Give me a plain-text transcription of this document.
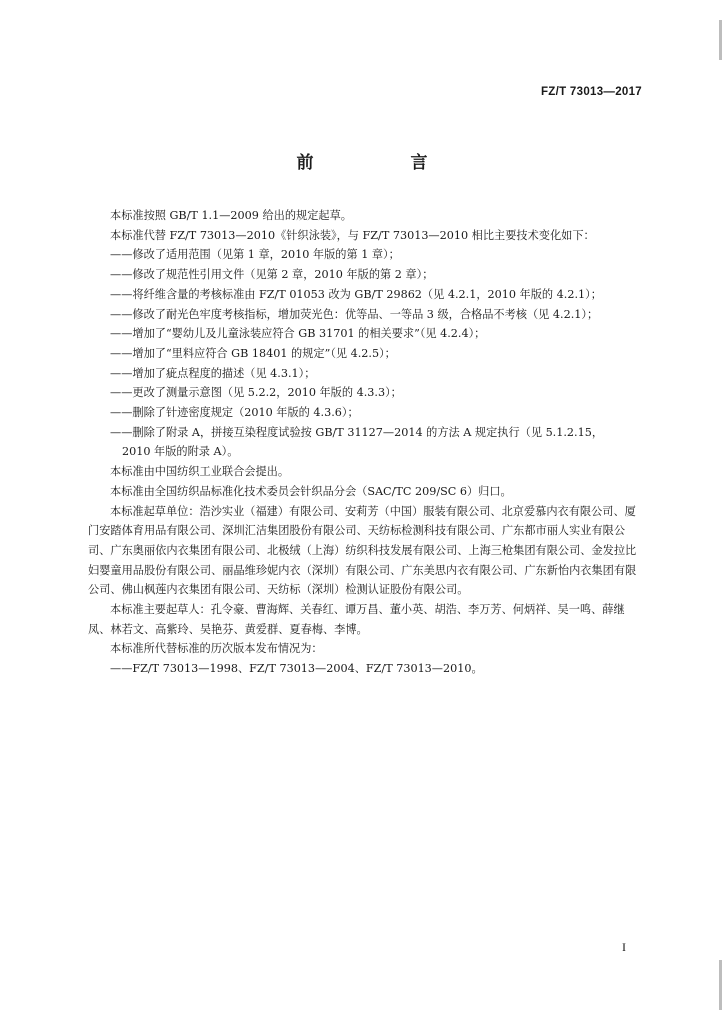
FZ/T 73013—2017
前　言

本标准按照 GB/T 1.1—2009 给出的规定起草。

本标准代替 FZ/T 73013—2010《针织泳装》，与 FZ/T 73013—2010 相比主要技术变化如下：

——修改了适用范围（见第 1 章，2010 年版的第 1 章）；

——修改了规范性引用文件（见第 2 章，2010 年版的第 2 章）；

——将纤维含量的考核标准由 FZ/T 01053 改为 GB/T 29862（见 4.2.1，2010 年版的 4.2.1）；

——修改了耐光色牢度考核指标，增加荧光色：优等品、一等品 3 级，合格品不考核（见 4.2.1）；

——增加了“婴幼儿及儿童泳装应符合 GB 31701 的相关要求”（见 4.2.4）；

——增加了“里料应符合 GB 18401 的规定”（见 4.2.5）；

——增加了疵点程度的描述（见 4.3.1）；

——更改了测量示意图（见 5.2.2，2010 年版的 4.3.3）；

——删除了针迹密度规定（2010 年版的 4.3.6）；

——删除了附录 A，拼接互染程度试验按 GB/T 31127—2014 的方法 A 规定执行（见 5.1.2.15，

2010 年版的附录 A）。

本标准由中国纺织工业联合会提出。

本标准由全国纺织品标准化技术委员会针织品分会（SAC/TC 209/SC 6）归口。

本标准起草单位：浩沙实业（福建）有限公司、安莉芳（中国）服装有限公司、北京爱慕内衣有限公司、厦门安踏体育用品有限公司、深圳汇洁集团股份有限公司、天纺标检测科技有限公司、广东都市丽人实业有限公司、广东奥丽依内衣集团有限公司、北极绒（上海）纺织科技发展有限公司、上海三枪集团有限公司、金发拉比妇婴童用品股份有限公司、丽晶维珍妮内衣（深圳）有限公司、广东美思内衣有限公司、广东新怡内衣集团有限公司、佛山枫莲内衣集团有限公司、天纺标（深圳）检测认证股份有限公司。

本标准主要起草人：孔令豪、曹海辉、关春红、谭万昌、董小英、胡浩、李万芳、何炳祥、吴一鸣、薛继凤、林若文、高紫玲、吴艳芬、黄爱群、夏春梅、李博。

本标准所代替标准的历次版本发布情况为：

——FZ/T 73013—1998、FZ/T 73013—2004、FZ/T 73013—2010。

I
